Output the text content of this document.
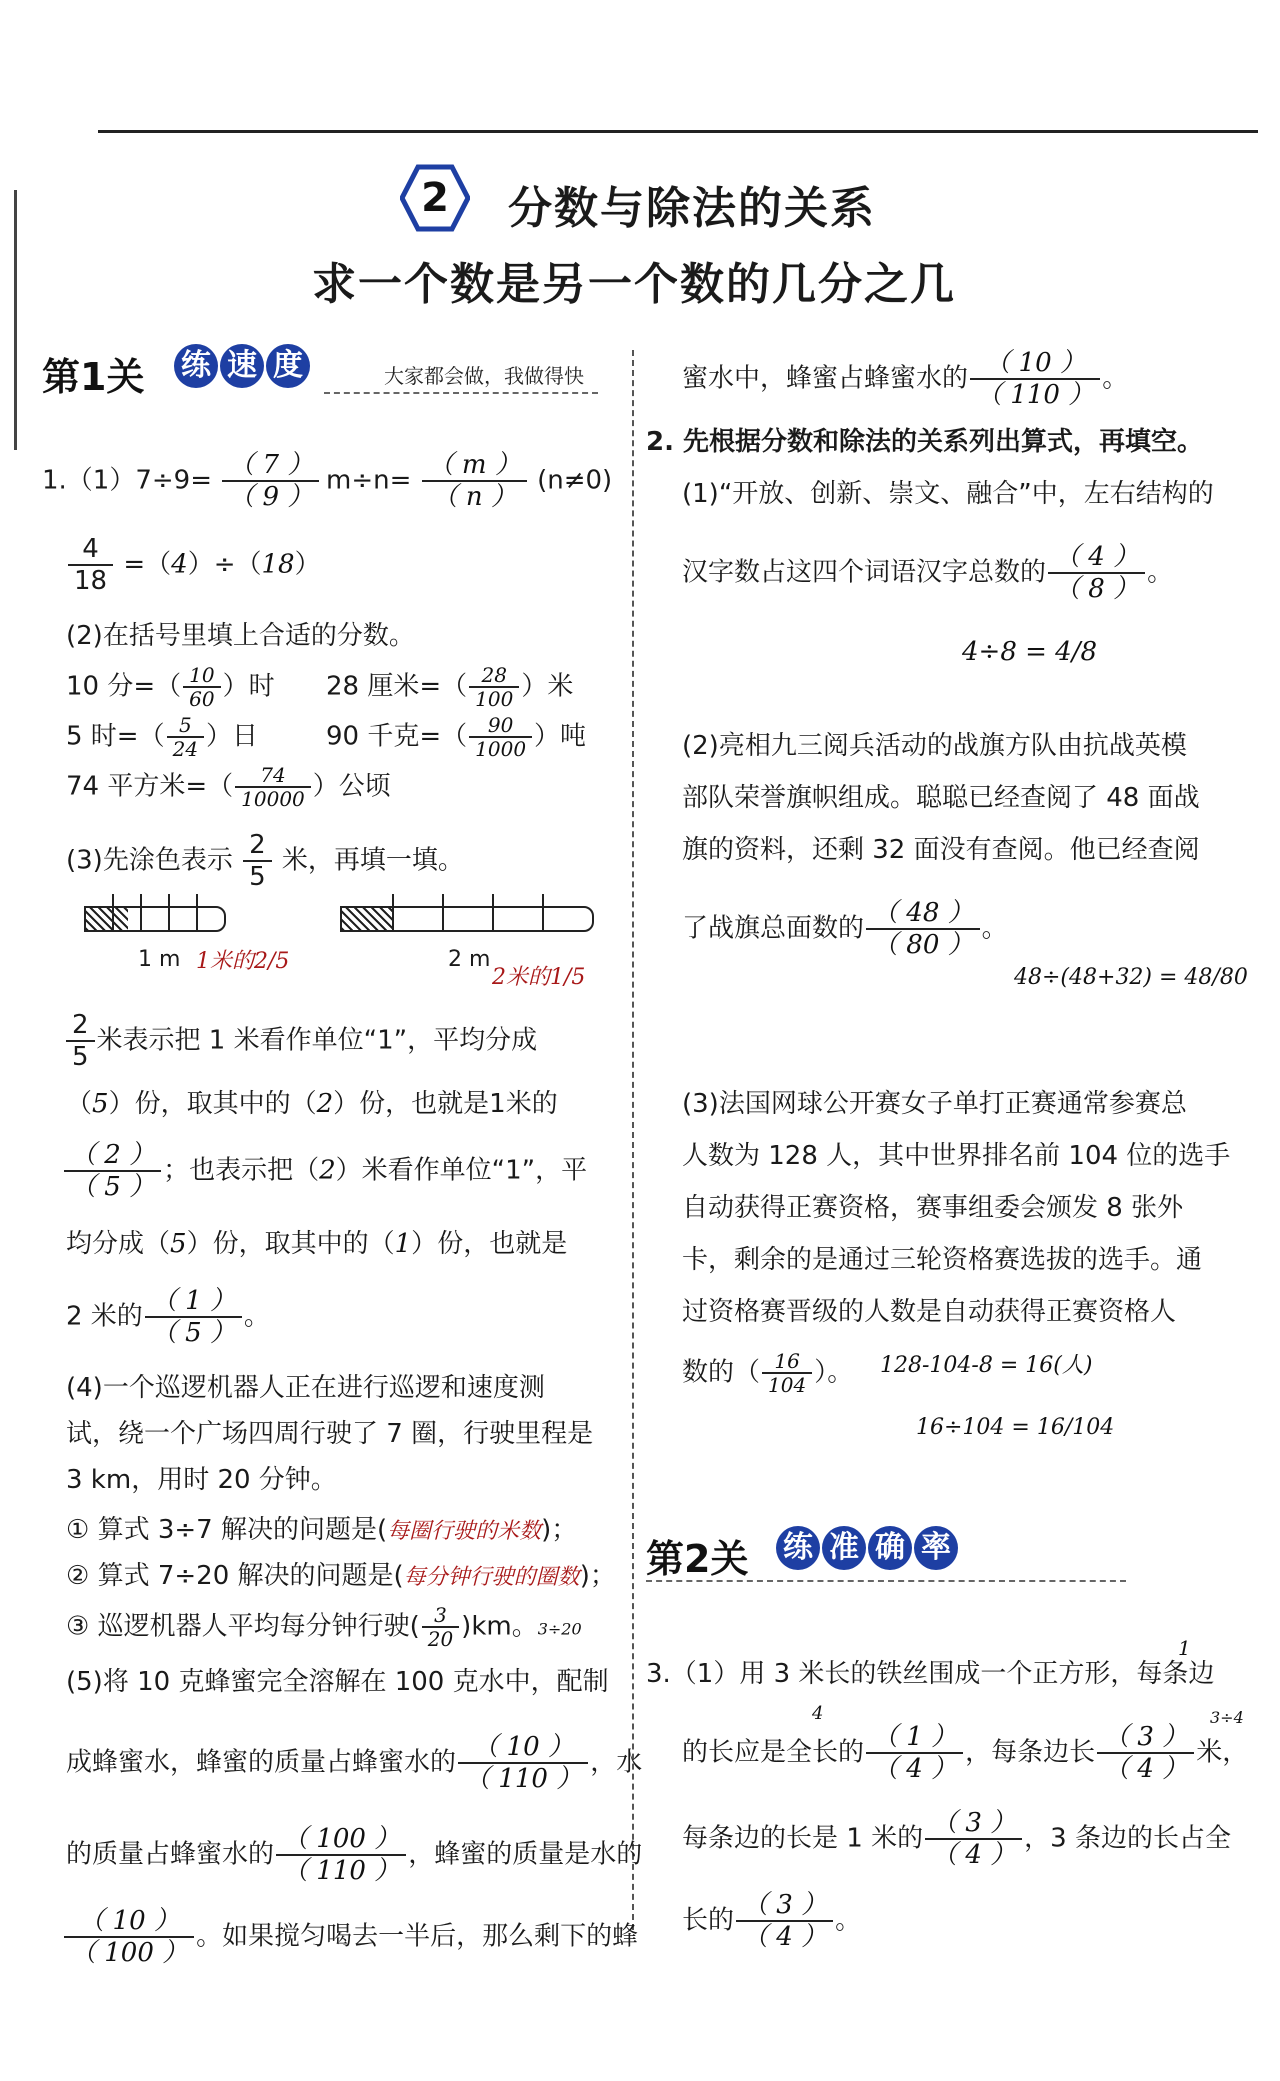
2	分数与除法的关系
求一个数是另一个数的几分之几
第1关 练 速 度	大家都会做，我做得快
$1.(1)7\div 9= \frac{( 7 )}{( 9 )} m\div n= \frac{( m )}{( n )} (n\ne 0)$
$\frac{4}{18} =(4)\div(18)$
(2)在括号里填上合适的分数。
10 分=（ $\frac{10}{60}$ ）时 28 厘米=（ $\frac{28}{100}$ ）米
5 时=（ $\frac{5}{24}$ ）日	90 千克=（ $\frac{90}{1000}$ ）吨
74 平方米=（ $\frac{74}{10000}$ ）公顷
(3)先涂色表示 $\frac{2}{5}$ 米，再填一填。
1 m 1米的2/5	2 m
2米的1/5
$\frac{2}{5}$ 米表示把 1 米看作单位“1”，平均分成
（5）份，取其中的（2）份，也就是1米的
$\frac{( 2 )}{( 5 )}$ ；也表示把（2）米看作单位“1”，平
均分成（5）份，取其中的（1）份，也就是
2 米的 $\frac{( 1 )}{( 5 )}$ 。
(4)一个巡逻机器人正在进行巡逻和速度测
试，绕一个广场四周行驶了 7 圈，行驶里程是
3 km，用时 20 分钟。
① 算式 3÷7 解决的问题是(每圈行驶的米数)；
② 算式 7÷20 解决的问题是(每分钟行驶的圈数)；
③ 巡逻机器人平均每分钟行驶( $\frac{3}{20} )km$。3÷20
(5)将 10 克蜂蜜完全溶解在 100 克水中，配制
成蜂蜜水，蜂蜜的质量占蜂蜜水的 $\frac{( 10 )}{( 110 )}$ ，水
的质量占蜂蜜水的 $\frac{( 100 )}{( 110 )}$ ，蜂蜜的质量是水的
$\frac{( 10 )}{( 100 )}$ 。如果搅匀喝去一半后，那么剩下的蜂
蜜水中，蜂蜜占蜂蜜水的 $\frac{( 10 )}{( 110 )}$ 。
2. 先根据分数和除法的关系列出算式，再填空。
(1)“开放、创新、崇文、融合”中，左右结构的
汉字数占这四个词语汉字总数的 $\frac{( 4 )}{( 8 )}$ 。
4÷8 = 4/8
(2)亮相九三阅兵活动的战旗方队由抗战英模
部队荣誉旗帜组成。聪聪已经查阅了 48 面战
旗的资料，还剩 32 面没有查阅。他已经查阅
了战旗总面数的 $\frac{( 48 )}{( 80 )}$ 。
48÷(48+32) = 48/80
(3)法国网球公开赛女子单打正赛通常参赛总
人数为 128 人，其中世界排名前 104 位的选手
自动获得正赛资格，赛事组委会颁发 8 张外
卡，剩余的是通过三轮资格赛选拔的选手。通
过资格赛晋级的人数是自动获得正赛资格人
数的（ $\frac{16}{104}$ ）。 128-104-8 = 16(人)
16÷104 = 16/104
第2关 练 准 确 率
1
3.（1）用 3 米长的铁丝围成一个正方形，每条边
4	3÷4
的长应是全长的 $\frac{( 1 )}{( 4 )}$ ，每条边长 $\frac{( 3 )}{( 4 )}$ 米，
每条边的长是 1 米的 $\frac{( 3 )}{( 4 )}$ ，3 条边的长占全
长的 $\frac{( 3 )}{( 4 )}$ 。
